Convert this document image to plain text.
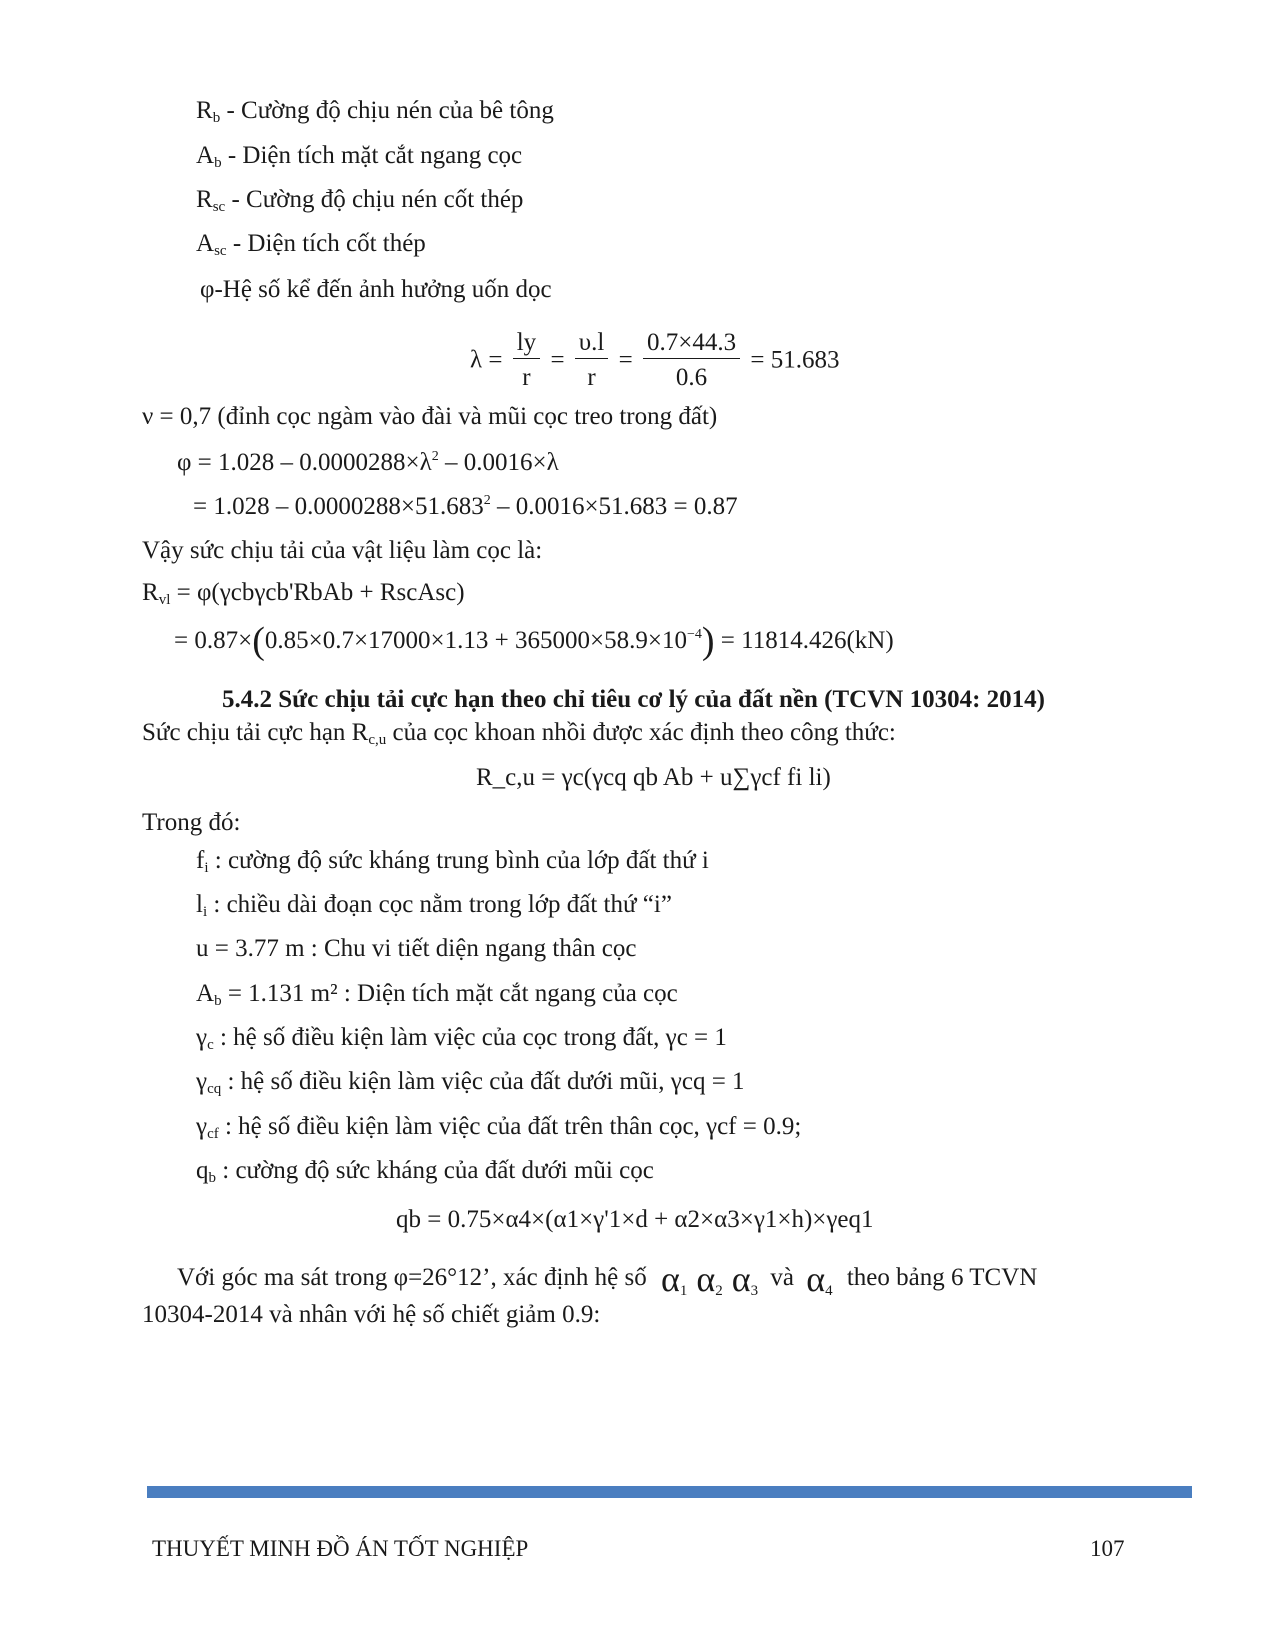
$R_b$ - Cường độ chịu nén của bê tông
$A_b$ - Diện tích mặt cắt ngang cọc
$R_{sc}$ - Cường độ chịu nén cốt thép
$A_{sc}$ - Diện tích cốt thép
φ-Hệ số kể đến ảnh hưởng uốn dọc
$\lambda = \frac{ly}{r} = \frac{\upsilon.l}{r} = \frac{0.7\times 44.3}{0.6} = 51.683$
ν = 0,7 (đỉnh cọc ngàm vào đài và mũi cọc treo trong đất)
$\varphi = 1.028 - 0.0000288\times\lambda^2 - 0.0016\times\lambda$
= $1.028 - 0.0000288\times 51.683^2 - 0.0016\times 51.683 = 0.87$
Vậy sức chịu tải của vật liệu làm cọc là:
$R_{vl}$ = φ(γcbγcb'RbAb + RscAsc)
= $0.87\times(0.85\times 0.7\times 17000\times 1.13 + 365000\times 58.9\times 10^{-4}) = 11814.426(kN)$
5.4.2 Sức chịu tải cực hạn theo chỉ tiêu cơ lý của đất nền (TCVN 10304: 2014)
Sức chịu tải cực hạn $R_{c,u}$ của cọc khoan nhồi được xác định theo công thức:
R_c,u = γc(γcq qb Ab + u∑γcf fi li)
Trong đó:
$f_i$ : cường độ sức kháng trung bình của lớp đất thứ i
$l_i$ : chiều dài đoạn cọc nằm trong lớp đất thứ “i”
u = 3.77 m : Chu vi tiết diện ngang thân cọc
$A_b = 1.131$ m² : Diện tích mặt cắt ngang của cọc
$\gamma_c$ : hệ số điều kiện làm việc của cọc trong đất, γc = 1
$\gamma_{cq}$ : hệ số điều kiện làm việc của đất dưới mũi, γcq = 1
$\gamma_{cf}$ : hệ số điều kiện làm việc của đất trên thân cọc, γcf = 0.9;
$q_b$ : cường độ sức kháng của đất dưới mũi cọc
qb = 0.75×α4×(α1×γ'1×d + α2×α3×γ1×h)×γeq1
Với góc ma sát trong φ=26°12’, xác định hệ số $\alpha_1$ $\alpha_2$ $\alpha_3$ và $\alpha_4$ theo bảng 6 TCVN
10304-2014 và nhân với hệ số chiết giảm 0.9:
THUYẾT MINH ĐỒ ÁN TỐT NGHIỆP	107
